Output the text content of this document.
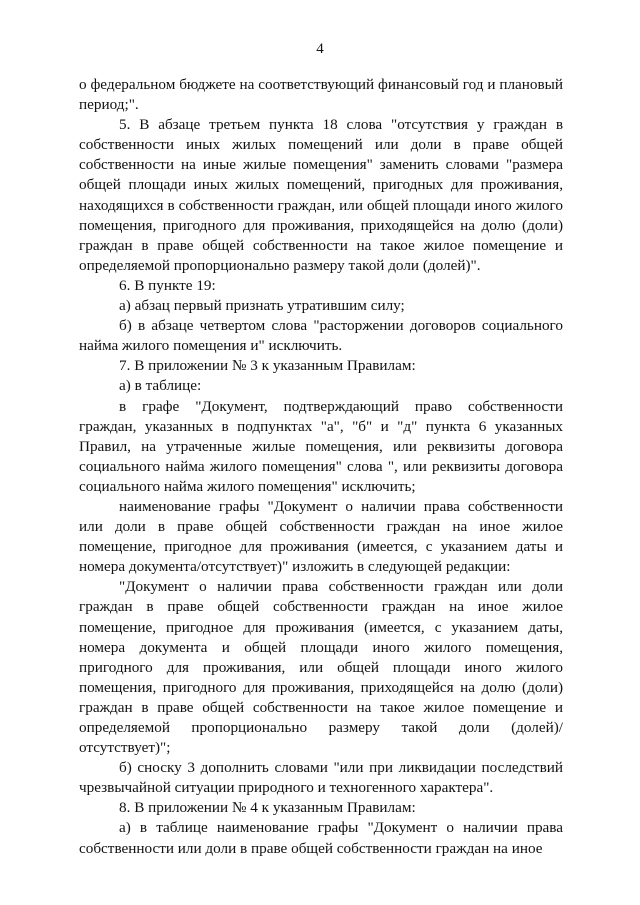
4

о федеральном бюджете на соответствующий финансовый год и плановый период;".

5. В абзаце третьем пункта 18 слова "отсутствия у граждан в собственности иных жилых помещений или доли в праве общей собственности на иные жилые помещения" заменить словами "размера общей площади иных жилых помещений, пригодных для проживания, находящихся в собственности граждан, или общей площади иного жилого помещения, пригодного для проживания, приходящейся на долю (доли) граждан в праве общей собственности на такое жилое помещение и определяемой пропорционально размеру такой доли (долей)".

6. В пункте 19:

а) абзац первый признать утратившим силу;

б) в абзаце четвертом слова "расторжении договоров социального найма жилого помещения и" исключить.

7. В приложении № 3 к указанным Правилам:

а) в таблице:

в графе "Документ, подтверждающий право собственности граждан, указанных в подпунктах "а", "б" и "д" пункта 6 указанных Правил, на утраченные жилые помещения, или реквизиты договора социального найма жилого помещения" слова ", или реквизиты договора социального найма жилого помещения" исключить;

наименование графы "Документ о наличии права собственности или доли в праве общей собственности граждан на иное жилое помещение, пригодное для проживания (имеется, с указанием даты и номера документа/отсутствует)" изложить в следующей редакции:

"Документ о наличии права собственности граждан или доли граждан в праве общей собственности граждан на иное жилое помещение, пригодное для проживания (имеется, с указанием даты, номера документа и общей площади иного жилого помещения, пригодного для проживания, или общей площади иного жилого помещения, пригодного для проживания, приходящейся на долю (доли) граждан в праве общей собственности на такое жилое помещение и определяемой пропорционально размеру такой доли (долей)/отсутствует)";

б) сноску 3 дополнить словами "или при ликвидации последствий чрезвычайной ситуации природного и техногенного характера".

8. В приложении № 4 к указанным Правилам:

а) в таблице наименование графы "Документ о наличии права собственности или доли в праве общей собственности граждан на иное
